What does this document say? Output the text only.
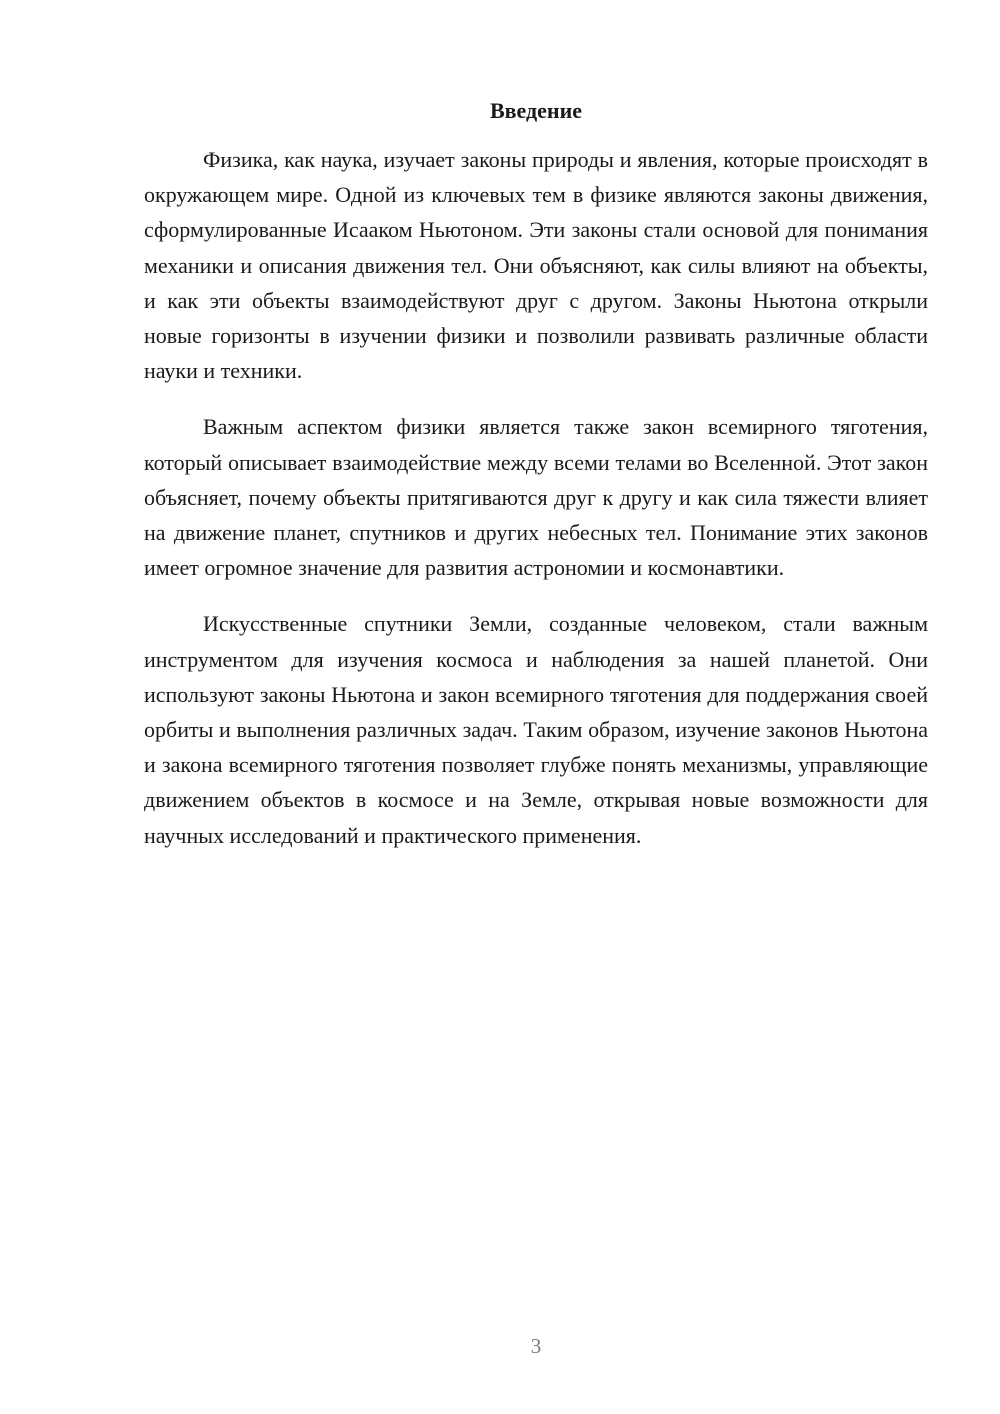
Введение

Физика, как наука, изучает законы природы и явления, которые происходят в окружающем мире. Одной из ключевых тем в физике являются законы движения, сформулированные Исааком Ньютоном. Эти законы стали основой для понимания механики и описания движения тел. Они объясняют, как силы влияют на объекты, и как эти объекты взаимодействуют друг с другом. Законы Ньютона открыли новые горизонты в изучении физики и позволили развивать различные области науки и техники.

Важным аспектом физики является также закон всемирного тяготения, который описывает взаимодействие между всеми телами во Вселенной. Этот закон объясняет, почему объекты притягиваются друг к другу и как сила тяжести влияет на движение планет, спутников и других небесных тел. Понимание этих законов имеет огромное значение для развития астрономии и космонавтики.

Искусственные спутники Земли, созданные человеком, стали важным инструментом для изучения космоса и наблюдения за нашей планетой. Они используют законы Ньютона и закон всемирного тяготения для поддержания своей орбиты и выполнения различных задач. Таким образом, изучение законов Ньютона и закона всемирного тяготения позволяет глубже понять механизмы, управляющие движением объектов в космосе и на Земле, открывая новые возможности для научных исследований и практического применения.

3
